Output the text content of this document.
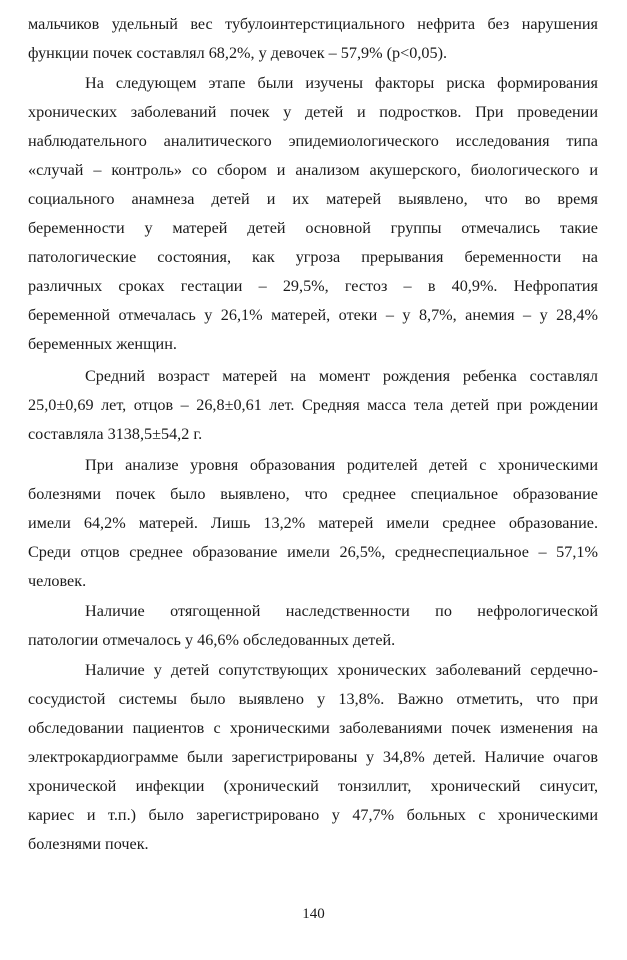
мальчиков удельный вес тубулоинтерстициального нефрита без нарушения
функции почек составлял 68,2%, у девочек – 57,9% (p<0,05).
На следующем этапе были изучены факторы риска формирования
хронических заболеваний почек у детей и подростков. При проведении
наблюдательного аналитического эпидемиологического исследования типа
«случай – контроль» со сбором и анализом акушерского, биологического и
социального анамнеза детей и их матерей выявлено, что во время
беременности у матерей детей основной группы отмечались такие
патологические состояния, как угроза прерывания беременности на
различных сроках гестации – 29,5%, гестоз – в 40,9%. Нефропатия
беременной отмечалась у 26,1% матерей, отеки – у 8,7%, анемия – у 28,4%
беременных женщин.
Средний возраст матерей на момент рождения ребенка составлял
25,0±0,69 лет, отцов – 26,8±0,61 лет. Средняя масса тела детей при рождении
составляла 3138,5±54,2 г.
При анализе уровня образования родителей детей с хроническими
болезнями почек было выявлено, что среднее специальное образование
имели 64,2% матерей. Лишь 13,2% матерей имели среднее образование.
Среди отцов среднее образование имели 26,5%, среднеспециальное – 57,1%
человек.
Наличие отягощенной наследственности по нефрологической
патологии отмечалось у 46,6% обследованных детей.
Наличие у детей сопутствующих хронических заболеваний сердечно-
сосудистой системы было выявлено у 13,8%. Важно отметить, что при
обследовании пациентов с хроническими заболеваниями почек изменения на
электрокардиограмме были зарегистрированы у 34,8% детей. Наличие очагов
хронической инфекции (хронический тонзиллит, хронический синусит,
кариес и т.п.) было зарегистрировано у 47,7% больных с хроническими
болезнями почек.
140
